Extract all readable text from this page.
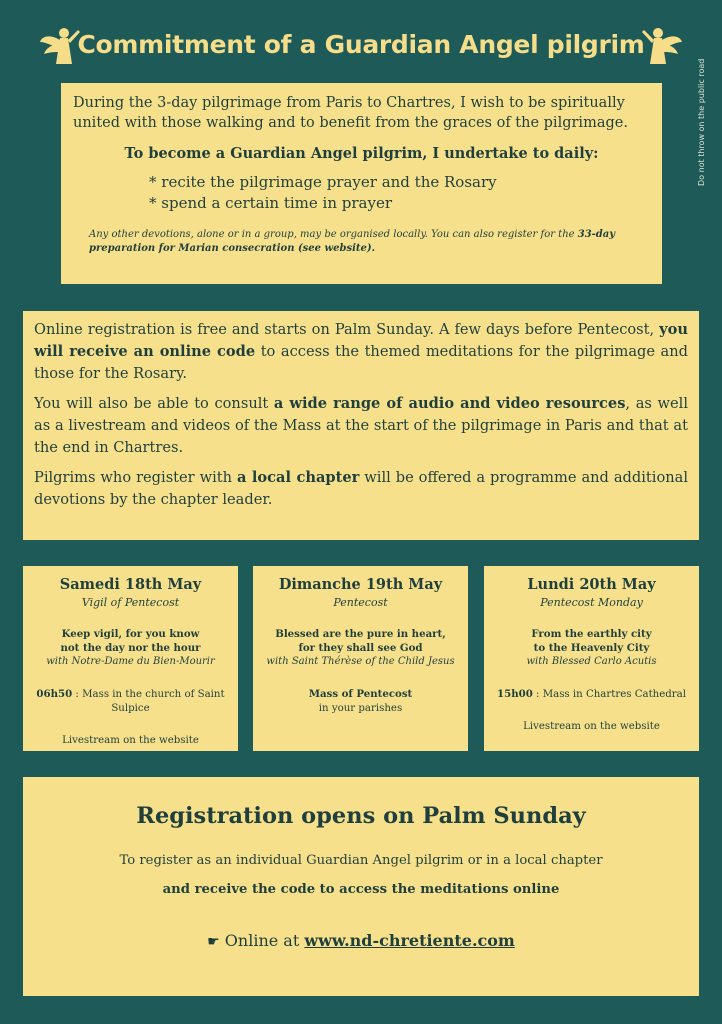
Commitment of a Guardian Angel pilgrim
Do not throw on the public road

During the 3-day pilgrimage from Paris to Chartres, I wish to be spiritually united with those walking and to benefit from the graces of the pilgrimage.

To become a Guardian Angel pilgrim, I undertake to daily:

* recite the pilgrimage prayer and the Rosary
* spend a certain time in prayer
Any other devotions, alone or in a group, may be organised locally. You can also register for the 33-day preparation for Marian consecration (see website).

Online registration is free and starts on Palm Sunday. A few days before Pentecost, you will receive an online code to access the themed meditations for the pilgrimage and those for the Rosary.

You will also be able to consult a wide range of audio and video resources, as well as a livestream and videos of the Mass at the start of the pilgrimage in Paris and that at the end in Chartres.

Pilgrims who register with a local chapter will be offered a programme and additional devotions by the chapter leader.

Samedi 18th May
Vigil of Pentecost
Keep vigil, for you know
not the day nor the hour
with Notre-Dame du Bien-Mourir
06h50 : Mass in the church of Saint Sulpice
Livestream on the website
Dimanche 19th May
Pentecost
Blessed are the pure in heart,
for they shall see God
with Saint Thérèse of the Child Jesus
Mass of Pentecost
in your parishes
Lundi 20th May
Pentecost Monday
From the earthly city
to the Heavenly City
with Blessed Carlo Acutis
15h00 : Mass in Chartres Cathedral
Livestream on the website
Registration opens on Palm Sunday
To register as an individual Guardian Angel pilgrim or in a local chapter
and receive the code to access the meditations online
☛ Online at www.nd-chretiente.com
